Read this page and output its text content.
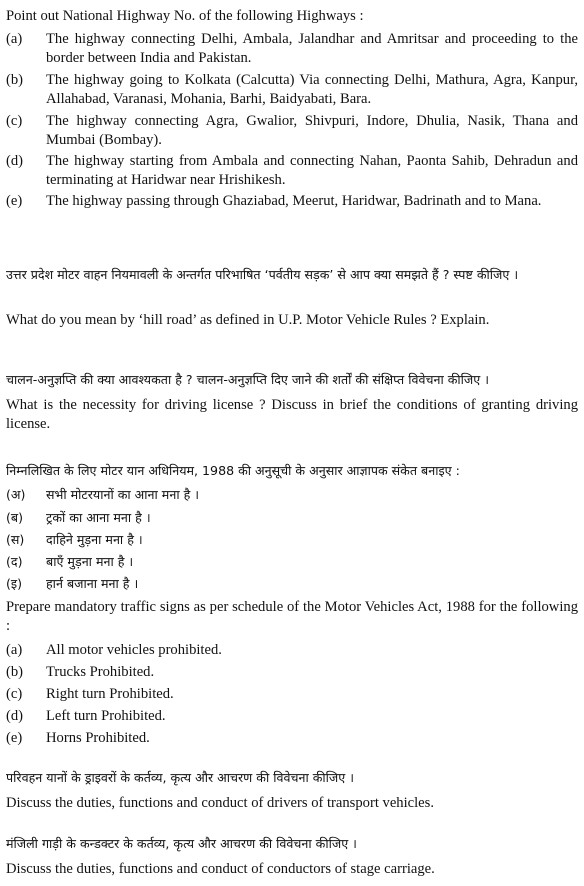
Point out National Highway No. of the following Highways :
(a)	The highway connecting Delhi, Ambala, Jalandhar and Amritsar and proceeding to the border between India and Pakistan.
(b)	The highway going to Kolkata (Calcutta) Via connecting Delhi, Mathura, Agra, Kanpur, Allahabad, Varanasi, Mohania, Barhi, Baidyabati, Bara.
(c)	The highway connecting Agra, Gwalior, Shivpuri, Indore, Dhulia, Nasik, Thana and Mumbai (Bombay).
(d)	The highway starting from Ambala and connecting Nahan, Paonta Sahib, Dehradun and terminating at Haridwar near Hrishikesh.
(e)	The highway passing through Ghaziabad, Meerut, Haridwar, Badrinath and to Mana.
उत्तर प्रदेश मोटर वाहन नियमावली के अन्तर्गत परिभाषित ‘पर्वतीय सड़क’ से आप क्या समझते हैं ? स्पष्ट कीजिए ।
What do you mean by ‘hill road’ as defined in U.P. Motor Vehicle Rules ? Explain.
चालन-अनुज्ञप्ति की क्या आवश्यकता है ? चालन-अनुज्ञप्ति दिए जाने की शर्तों की संक्षिप्त विवेचना कीजिए ।
What is the necessity for driving license ? Discuss in brief the conditions of granting driving license.
निम्नलिखित के लिए मोटर यान अधिनियम, 1988 की अनुसूची के अनुसार आज्ञापक संकेत बनाइए :
(अ)	सभी मोटरयानों का आना मना है ।
(ब)	ट्रकों का आना मना है ।
(स)	दाहिने मुड़ना मना है ।
(द)	बाएँ मुड़ना मना है ।
(इ)	हार्न बजाना मना है ।
Prepare mandatory traffic signs as per schedule of the Motor Vehicles Act, 1988 for the following :
(a)	All motor vehicles prohibited.
(b)	Trucks Prohibited.
(c)	Right turn Prohibited.
(d)	Left turn Prohibited.
(e)	Horns Prohibited.
परिवहन यानों के ड्राइवरों के कर्तव्य, कृत्य और आचरण की विवेचना कीजिए ।
Discuss the duties, functions and conduct of drivers of transport vehicles.
मंजिली गाड़ी के कन्डक्टर के कर्तव्य, कृत्य और आचरण की विवेचना कीजिए ।
Discuss the duties, functions and conduct of conductors of stage carriage.
